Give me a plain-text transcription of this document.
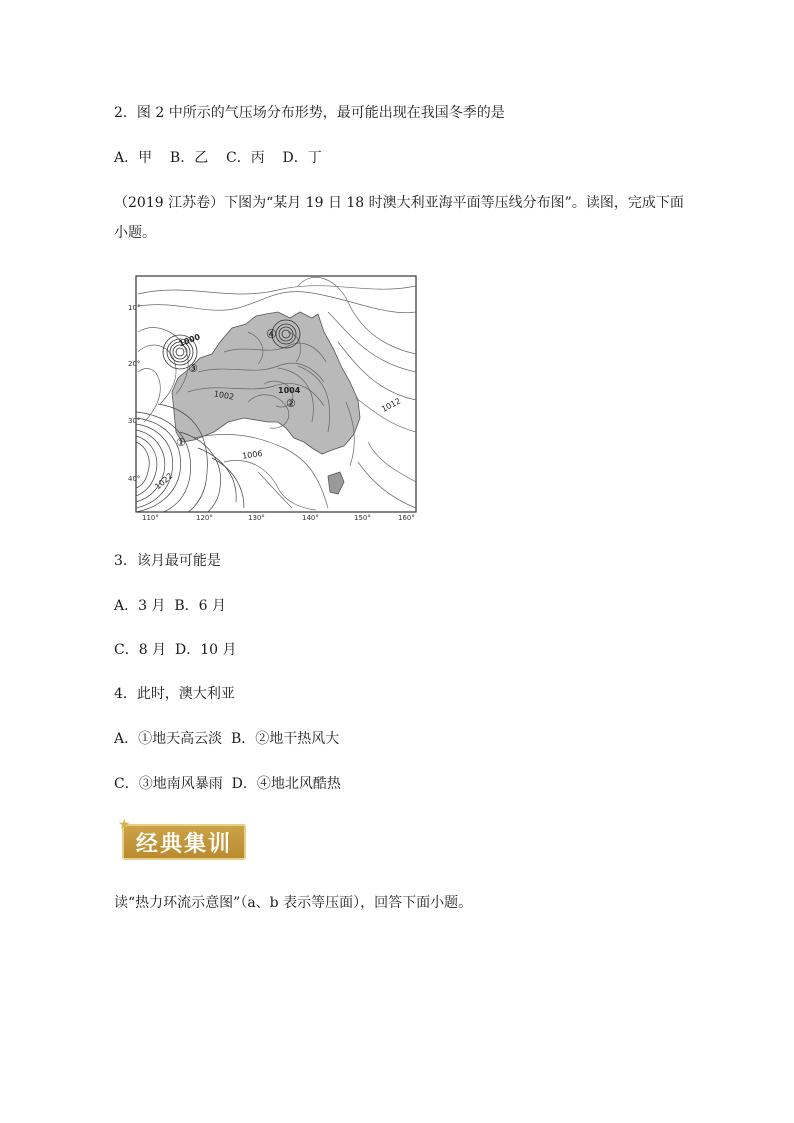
2．图 2 中所示的气压场分布形势，最可能出现在我国冬季的是
A．甲    B．乙    C．丙    D．丁
（2019 江苏卷）下图为“某月 19 日 18 时澳大利亚海平面等压线分布图”。读图，完成下面小题。
10°
20°
30°
40°
110°	120°	130°	140°	150°	160°
1000
1002	1004
1006
1012
1022
①
②
③
④
3．该月最可能是
A．3 月  B．6 月
C．8 月  D．10 月
4．此时，澳大利亚
A．①地天高云淡  B．②地干热风大
C．③地南风暴雨  D．④地北风酷热
经典集训
★
读“热力环流示意图”（a、b 表示等压面），回答下面小题。
